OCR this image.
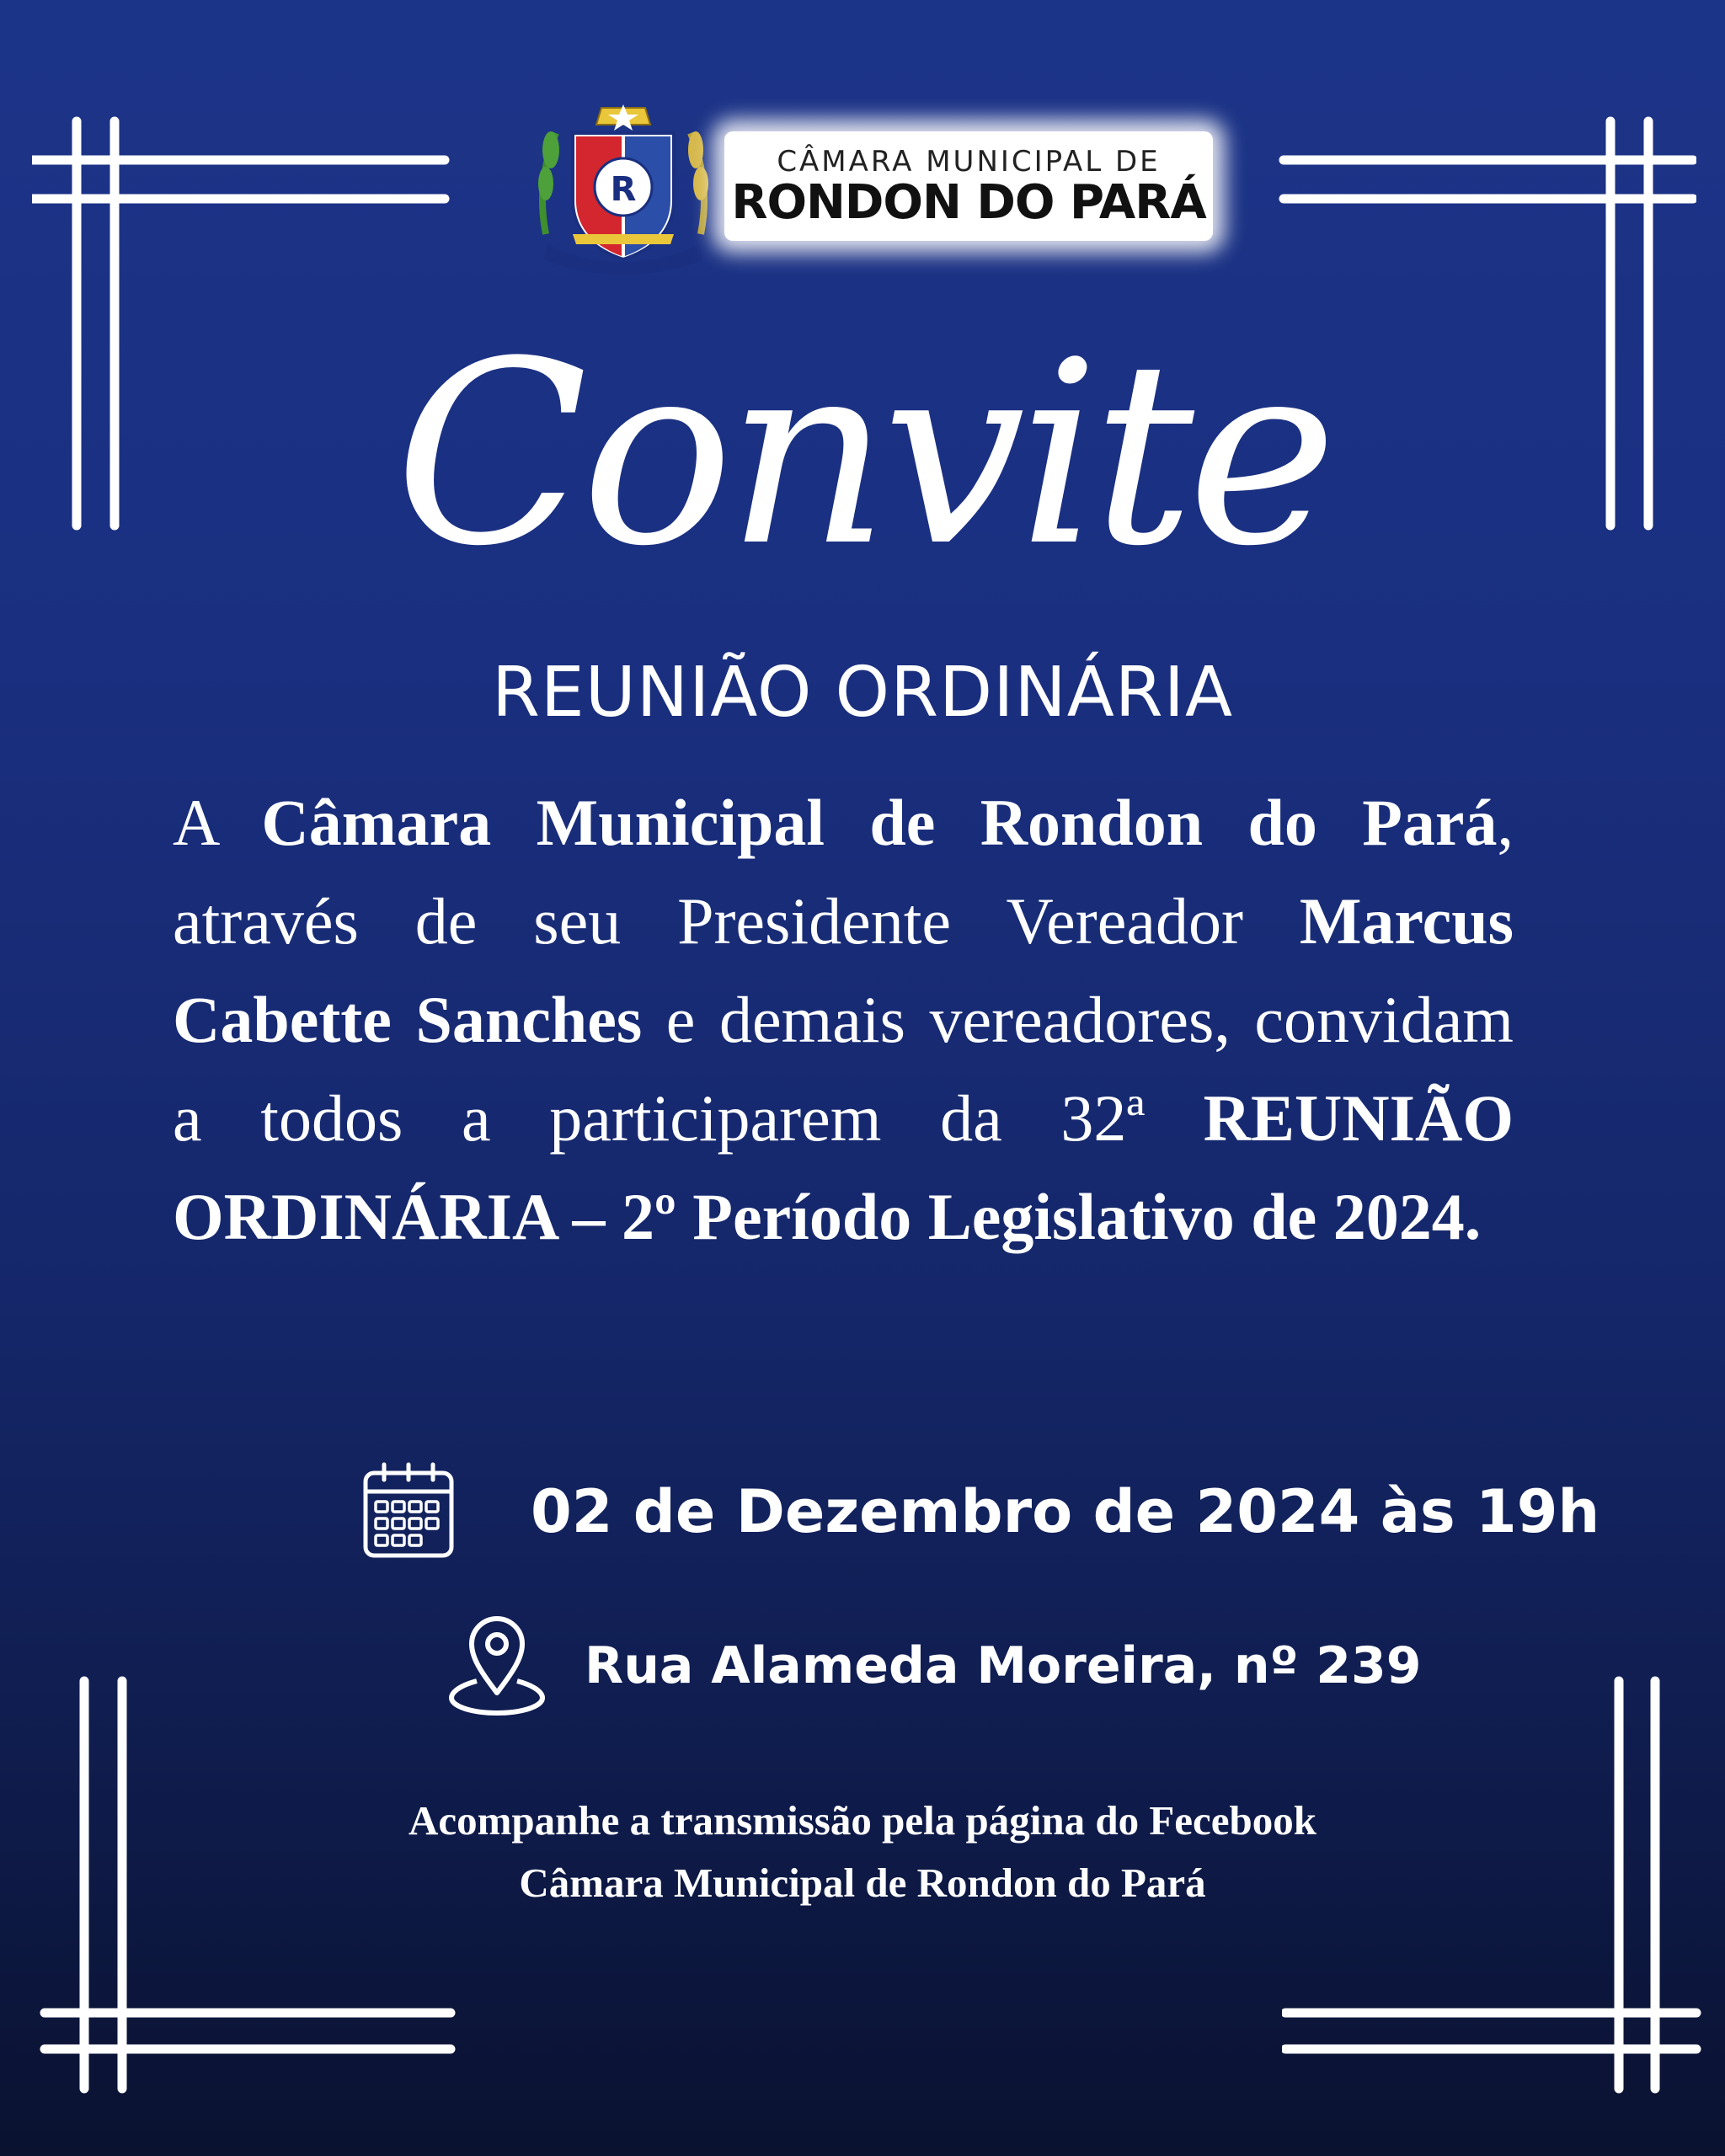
R
CÂMARA MUNICIPAL DE
RONDON DO PARÁ
Convite
REUNIÃO ORDINÁRIA
A Câmara Municipal de Rondon do Pará, através de seu Presidente Vereador Marcus Cabette Sanches e demais vereadores, convidam a todos a participarem da 32ª REUNIÃO ORDINÁRIA – 2º Período Legislativo de 2024.
02 de Dezembro de 2024 às 19h
Rua Alameda Moreira, nº 239
Acompanhe a transmissão pela página do Fecebook
Câmara Municipal de Rondon do Pará
